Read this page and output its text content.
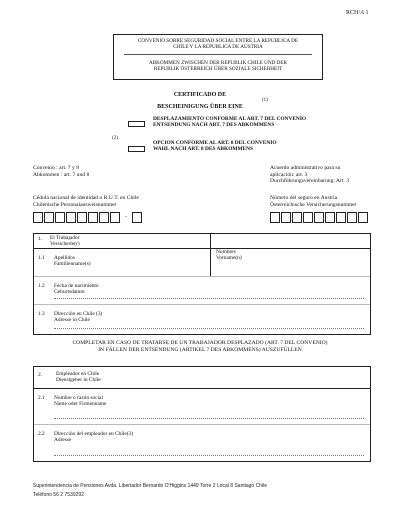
RCH/A 1
CONVENIO SOBRE SEGURIDAD SOCIAL ENTRE LA REPUBLICA DE
CHILE Y LA REPUBLICA DE AUSTRIA
ABKOMMEN ZWISCHEN DER REPUBLIK CHILE UND DER
REPUBLIK ÖSTERREICH ÜBER SOZIALE SICHERHEIT
CERTIFICADO DE
(1)
BESCHEINIGUNG ÜBER EINE
DESPLAZAMIENTO CONFORME AL ART. 7 DEL CONVENIO
ENTSENDUNG NACH ART. 7 DES ABKOMMENS
(2)
OPCION CONFORME AL ART. 8 DEL CONVENIO
WAHL NACH ART. 8 DES ABKOMMENS
Convenio : art. 7 y 8
Abkommen : art. 7 und 8
Acuerdo administrativo para su
aplicación: art. 3
Durchführungsvereinbarung: Art. 3
Cédula nacional de identidad o R.U.T. en Chile
Chilenische Personalausweisnummer
Número del seguro en Austria
Österreichische Versicherungsnummer
-
1.	El Trabajador
Versicherte(r)
1.1 Apellidos
Familienname(s)
Nombres
Vorname(n)
1.2 Fecha de nacimiento
Geburtsdatum
1.3 Dirección en Chile (3)
Adresse in Chile
COMPLETAR EN CASO DE TRATARSE DE UN TRABAJADOR DESPLAZADO (ART. 7 DEL CONVENIO)
IN FÄLLEN DER ENTSENDUNG (ARTIKEL 7 DES ABKOMMENS) AUSZUFÜLLEN
2.	Empleador en Chile
Dienstgeber in Chile
2.1 Nombre o razón social
Name oder Firmenname
2.2 Dirección del empleador en Chile(3)
Adresse
Superintendencia de Pensiones Avda. Libertador Bernardo O'Higgins 1449 Torre 2 Local 8 Santiago Chile
Teléfono 56 2 7530292
